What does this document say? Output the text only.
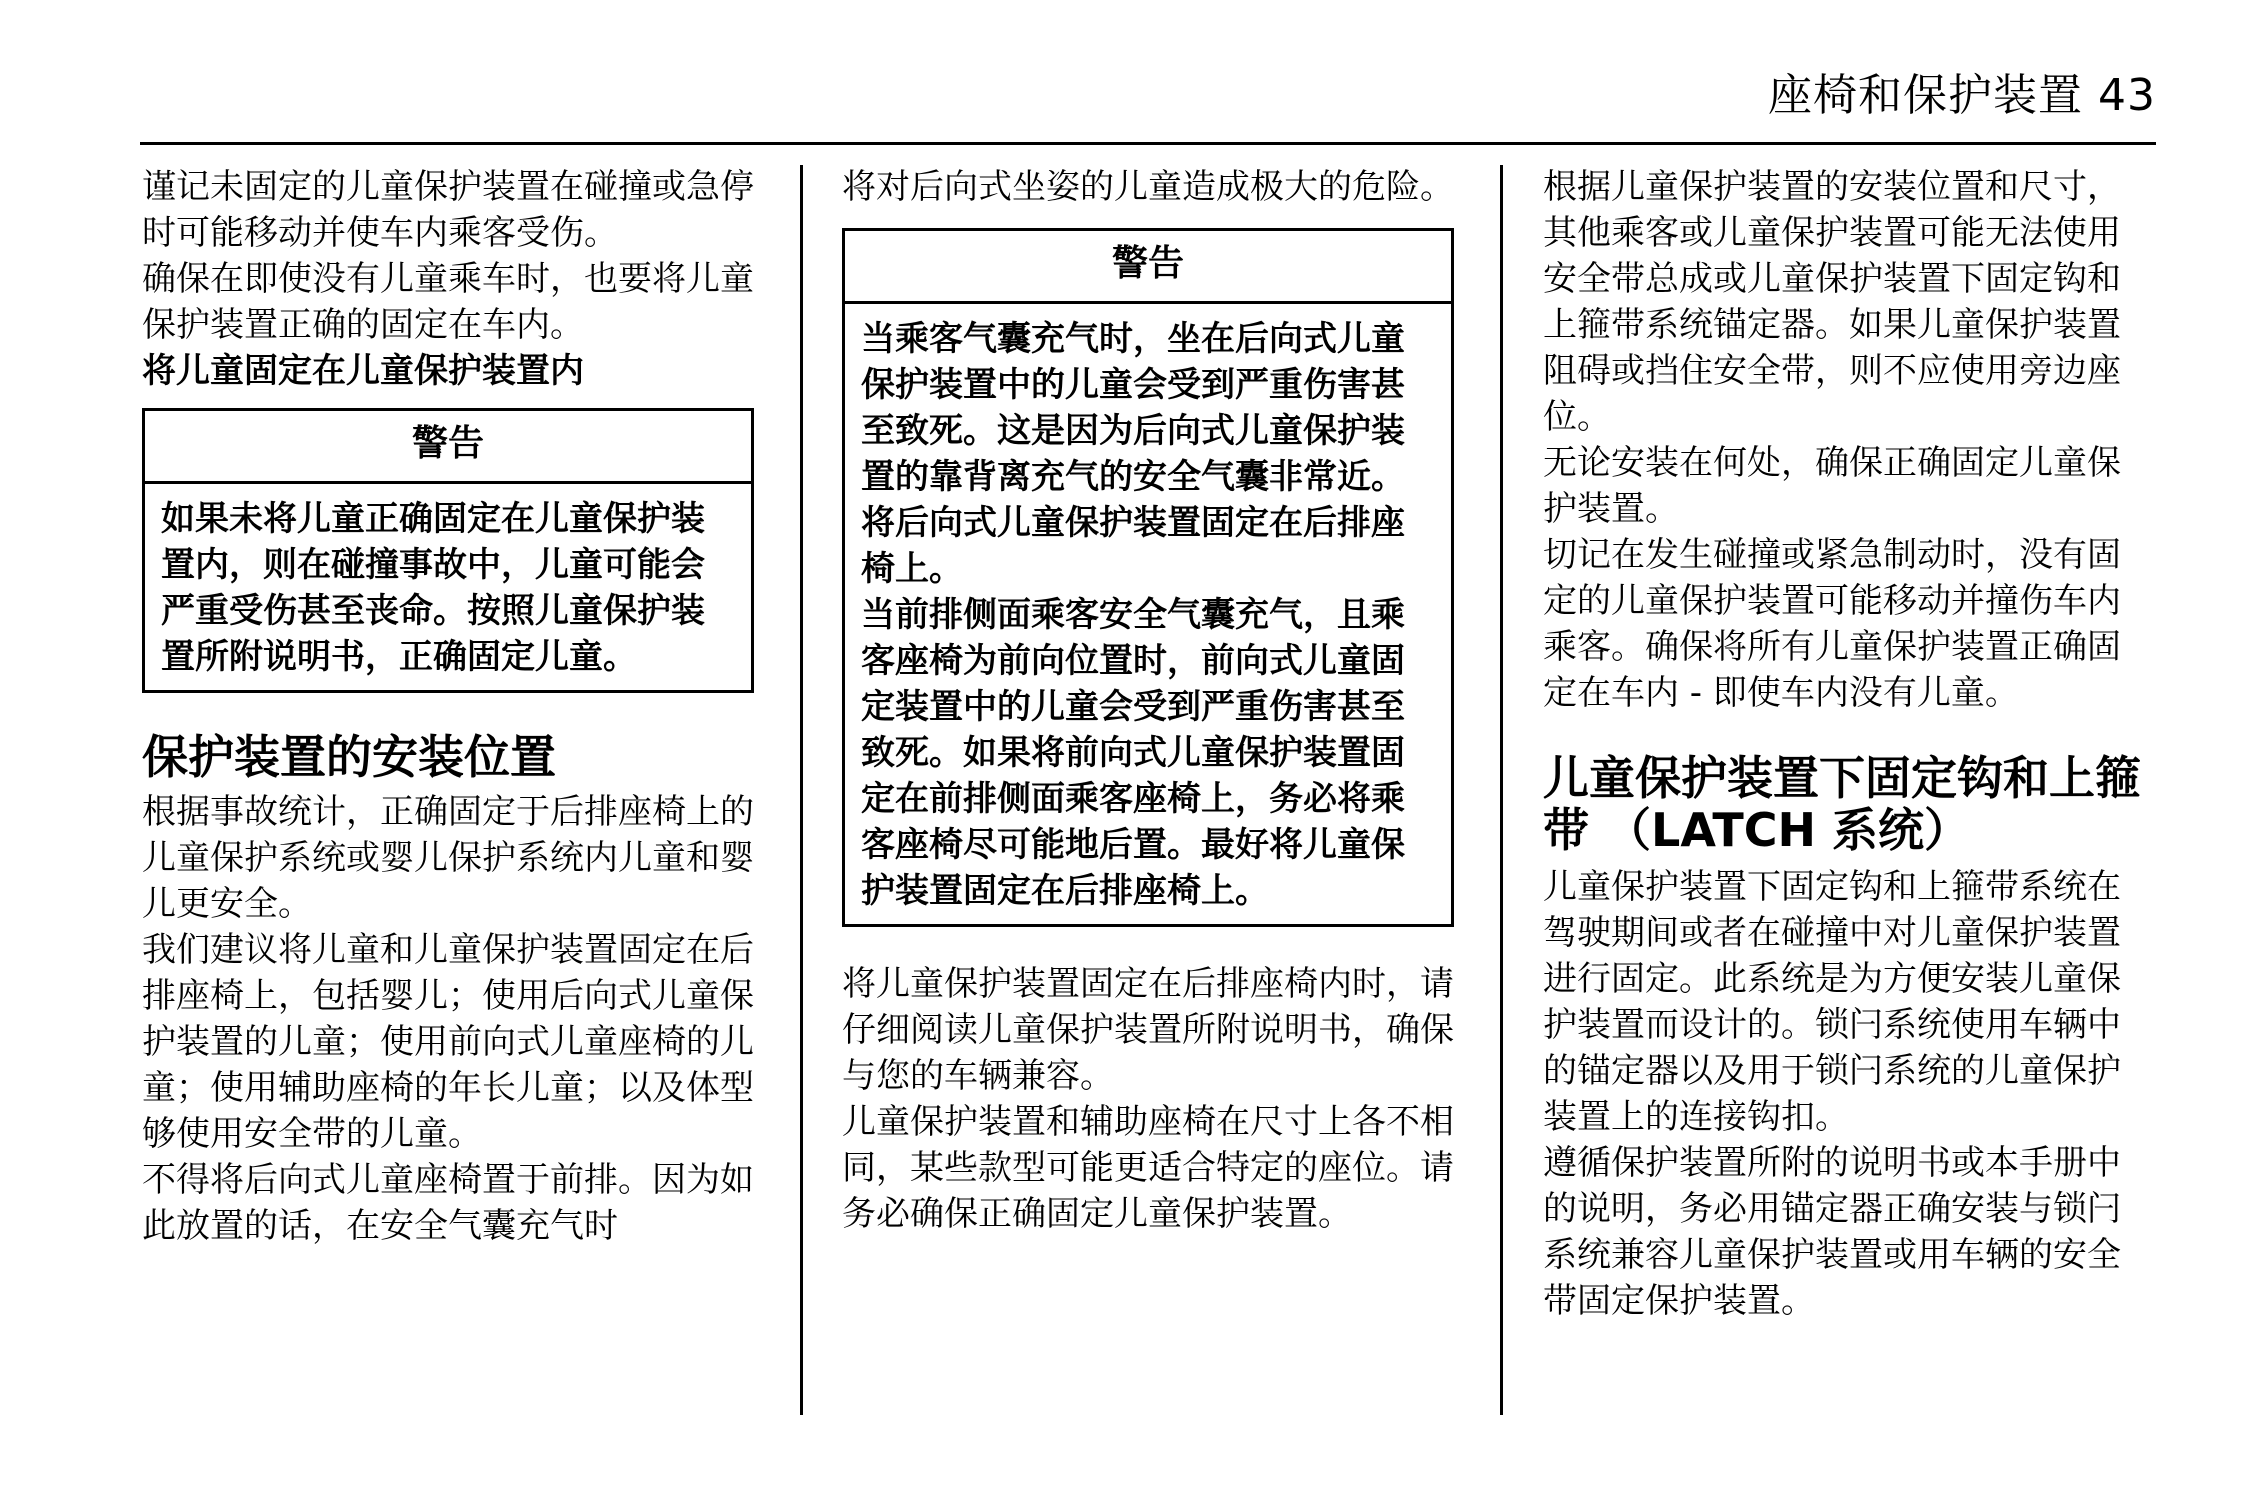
座椅和保护装置 43

谨记未固定的儿童保护装置在碰撞或急停时可能移动并使车内乘客受伤。

确保在即使没有儿童乘车时，也要将儿童保护装置正确的固定在车内。

将儿童固定在儿童保护装置内

警告

如果未将儿童正确固定在儿童保护装置内，则在碰撞事故中，儿童可能会严重受伤甚至丧命。按照儿童保护装置所附说明书，正确固定儿童。

保护装置的安装位置

根据事故统计，正确固定于后排座椅上的儿童保护系统或婴儿保护系统内儿童和婴儿更安全。

我们建议将儿童和儿童保护装置固定在后排座椅上，包括婴儿；使用后向式儿童保护装置的儿童；使用前向式儿童座椅的儿童；使用辅助座椅的年长儿童；以及体型够使用安全带的儿童。

不得将后向式儿童座椅置于前排。因为如此放置的话，在安全气囊充气时

将对后向式坐姿的儿童造成极大的危险。

警告

当乘客气囊充气时，坐在后向式儿童保护装置中的儿童会受到严重伤害甚至致死。这是因为后向式儿童保护装置的靠背离充气的安全气囊非常近。将后向式儿童保护装置固定在后排座椅上。

当前排侧面乘客安全气囊充气，且乘客座椅为前向位置时，前向式儿童固定装置中的儿童会受到严重伤害甚至致死。如果将前向式儿童保护装置固定在前排侧面乘客座椅上，务必将乘客座椅尽可能地后置。最好将儿童保护装置固定在后排座椅上。

将儿童保护装置固定在后排座椅内时，请仔细阅读儿童保护装置所附说明书，确保与您的车辆兼容。

儿童保护装置和辅助座椅在尺寸上各不相同，某些款型可能更适合特定的座位。请务必确保正确固定儿童保护装置。

根据儿童保护装置的安装位置和尺寸，其他乘客或儿童保护装置可能无法使用安全带总成或儿童保护装置下固定钩和上箍带系统锚定器。如果儿童保护装置阻碍或挡住安全带，则不应使用旁边座位。

无论安装在何处，确保正确固定儿童保护装置。

切记在发生碰撞或紧急制动时，没有固定的儿童保护装置可能移动并撞伤车内乘客。确保将所有儿童保护装置正确固定在车内 - 即使车内没有儿童。

儿童保护装置下固定钩和上箍带 （LATCH 系统）

儿童保护装置下固定钩和上箍带系统在驾驶期间或者在碰撞中对儿童保护装置进行固定。此系统是为方便安装儿童保护装置而设计的。锁闩系统使用车辆中的锚定器以及用于锁闩系统的儿童保护装置上的连接钩扣。

遵循保护装置所附的说明书或本手册中的说明，务必用锚定器正确安装与锁闩系统兼容儿童保护装置或用车辆的安全带固定保护装置。
